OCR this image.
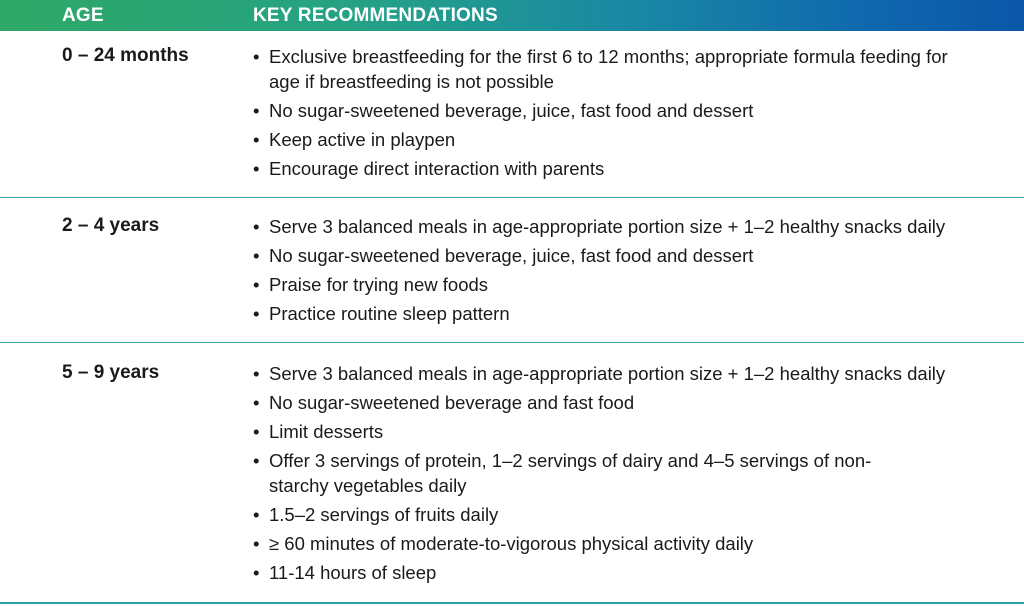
AGE	KEY RECOMMENDATIONS
0 – 24 months	• Exclusive breastfeeding for the first 6 to 12 months; appropriate formula feeding for age if breastfeeding is not possible
• No sugar-sweetened beverage, juice, fast food and dessert
• Keep active in playpen
• Encourage direct interaction with parents
2 – 4 years	• Serve 3 balanced meals in age-appropriate portion size + 1–2 healthy snacks daily
• No sugar-sweetened beverage, juice, fast food and dessert
• Praise for trying new foods
• Practice routine sleep pattern
5 – 9 years	• Serve 3 balanced meals in age-appropriate portion size + 1–2 healthy snacks daily
• No sugar-sweetened beverage and fast food
• Limit desserts
• Offer 3 servings of protein, 1–2 servings of dairy and 4–5 servings of non-starchy vegetables daily
• 1.5–2 servings of fruits daily
• ≥ 60 minutes of moderate-to-vigorous physical activity daily
• 11-14 hours of sleep
